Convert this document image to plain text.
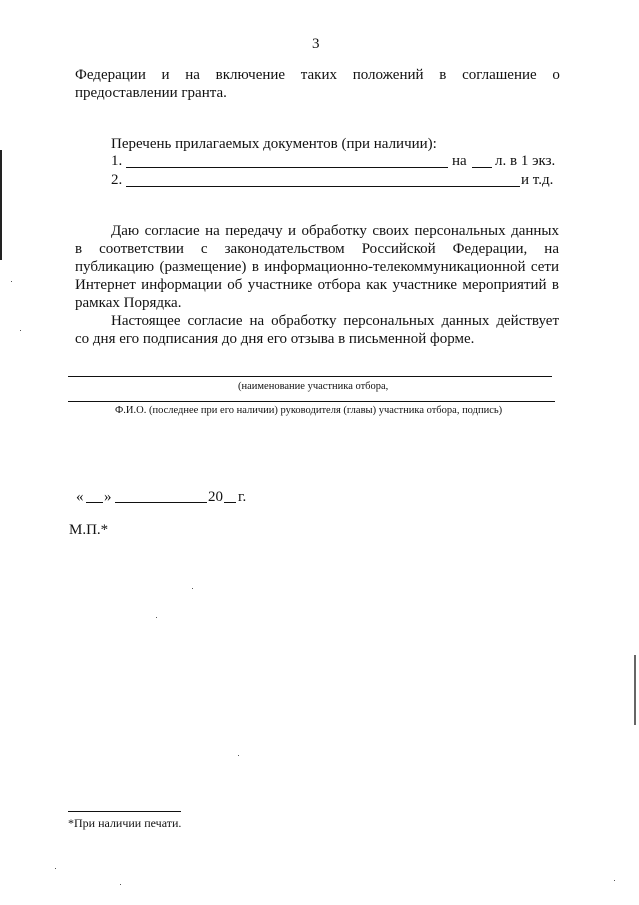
3
Федерации и на включение таких положений в соглашение о
предоставлении гранта.
Перечень прилагаемых документов (при наличии):
1.	на л. в 1 экз.
2.	и т.д.
Даю согласие на передачу и обработку своих персональных данных
в соответствии с законодательством Российской Федерации, на
публикацию (размещение) в информационно-телекоммуникационной сети
Интернет информации об участнике отбора как участнике мероприятий в
рамках Порядка.
Настоящее согласие на обработку персональных данных действует
со дня его подписания до дня его отзыва в письменной форме.
(наименование участника отбора,
Ф.И.О. (последнее при его наличии) руководителя (главы) участника отбора, подпись)
« »	20 г.
М.П.*
*При наличии печати.
